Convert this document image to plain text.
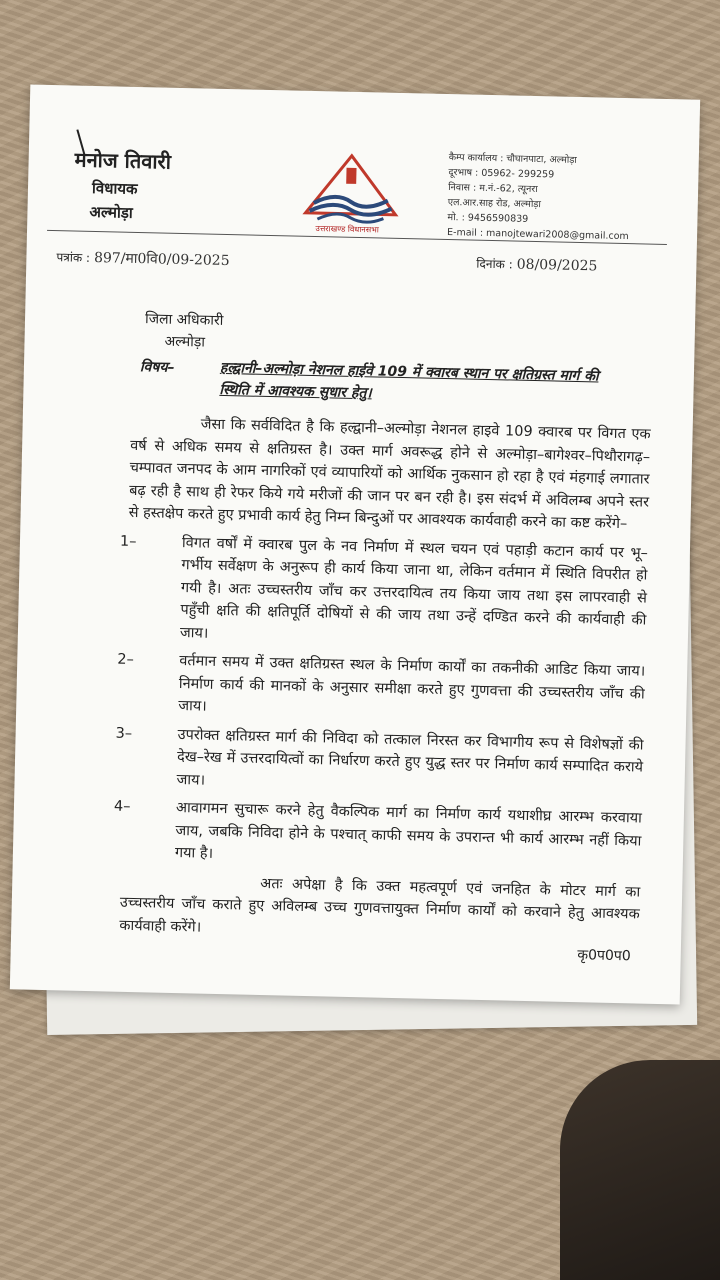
मनोज तिवारी
विधायक
अल्मोड़ा
उत्तराखण्ड विधानसभा
कैम्प कार्यालय : चौघानपाटा, अल्मोड़ा
दूरभाष : 05962- 299259
निवास : म.नं.-62, त्यूनरा
एल.आर.साह रोड, अल्मोड़ा
मो. : 9456590839
E-mail : manojtewari2008@gmail.com
पत्रांक : 897/मा0वि0/09-2025	दिनांक : 08/09/2025
जिला अधिकारी
अल्मोड़ा
विषय–	हल्द्वानी–अल्मोड़ा नेशनल हाईवे 109 में क्वारब स्थान पर क्षतिग्रस्त मार्ग की स्थिति में आवश्यक सुधार हेतु।

जैसा कि सर्वविदित है कि हल्द्वानी–अल्मोड़ा नेशनल हाइवे 109 क्वारब पर विगत एक वर्ष से अधिक समय से क्षतिग्रस्त है। उक्त मार्ग अवरूद्ध होने से अल्मोड़ा–बागेश्वर–पिथौरागढ़–चम्पावत जनपद के आम नागरिकों एवं व्यापारियों को आर्थिक नुकसान हो रहा है एवं मंहगाई लगातार बढ़ रही है साथ ही रेफर किये गये मरीजों की जान पर बन रही है। इस संदर्भ में अविलम्ब अपने स्तर से हस्तक्षेप करते हुए प्रभावी कार्य हेतु निम्न बिन्दुओं पर आवश्यक कार्यवाही करने का कष्ट करेंगे–

1–	विगत वर्षों में क्वारब पुल के नव निर्माण में स्थल चयन एवं पहाड़ी कटान कार्य पर भू–गर्भीय सर्वेक्षण के अनुरूप ही कार्य किया जाना था, लेकिन वर्तमान में स्थिति विपरीत हो गयी है। अतः उच्चस्तरीय जाँच कर उत्तरदायित्व तय किया जाय तथा इस लापरवाही से पहुँची क्षति की क्षतिपूर्ति दोषियों से की जाय तथा उन्हें दण्डित करने की कार्यवाही की जाय।
2–	वर्तमान समय में उक्त क्षतिग्रस्त स्थल के निर्माण कार्यों का तकनीकी आडिट किया जाय। निर्माण कार्य की मानकों के अनुसार समीक्षा करते हुए गुणवत्ता की उच्चस्तरीय जाँच की जाय।
3–	उपरोक्त क्षतिग्रस्त मार्ग की निविदा को तत्काल निरस्त कर विभागीय रूप से विशेषज्ञों की देख–रेख में उत्तरदायित्वों का निर्धारण करते हुए युद्ध स्तर पर निर्माण कार्य सम्पादित कराये जाय।
4–	आवागमन सुचारू करने हेतु वैकल्पिक मार्ग का निर्माण कार्य यथाशीघ्र आरम्भ करवाया जाय, जबकि निविदा होने के पश्चात् काफी समय के उपरान्त भी कार्य आरम्भ नहीं किया गया है।

अतः अपेक्षा है कि उक्त महत्वपूर्ण एवं जनहित के मोटर मार्ग का उच्चस्तरीय जाँच कराते हुए अविलम्ब उच्च गुणवत्तायुक्त निर्माण कार्यों को करवाने हेतु आवश्यक कार्यवाही करेंगे।

कृ0प0प0
